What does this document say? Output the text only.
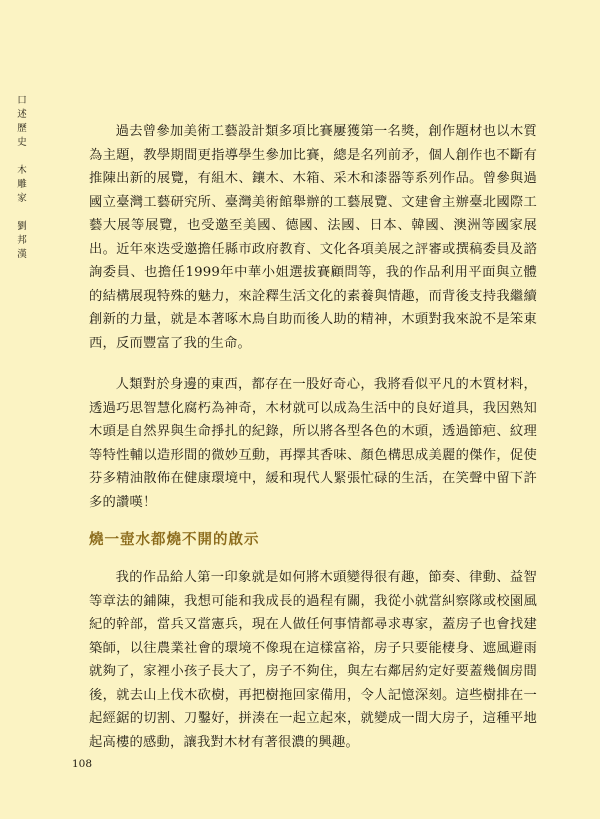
口
述
歷
史
木
雕
家
劉
邦
漢

過去曾參加美術工藝設計類多項比賽屢獲第一名獎，創作題材也以木質為主題，教學期間更指導學生參加比賽，總是名列前矛，個人創作也不斷有推陳出新的展覽，有組木、鑲木、木箱、采木和漆器等系列作品。曾參與過國立臺灣工藝研究所、臺灣美術館舉辦的工藝展覽、文建會主辦臺北國際工藝大展等展覽，也受邀至美國、德國、法國、日本、韓國、澳洲等國家展出。近年來迭受邀擔任縣市政府教育、文化各項美展之評審或撰稿委員及諮詢委員、也擔任1999年中華小姐選拔賽顧問等，我的作品利用平面與立體的結構展現特殊的魅力，來詮釋生活文化的素養與情趣，而背後支持我繼續創新的力量，就是本著啄木鳥自助而後人助的精神，木頭對我來說不是笨東西，反而豐富了我的生命。

人類對於身邊的東西，都存在一股好奇心，我將看似平凡的木質材料，透過巧思智慧化腐朽為神奇，木材就可以成為生活中的良好道具，我因熟知木頭是自然界與生命掙扎的紀錄，所以將各型各色的木頭，透過節疤、紋理等特性輔以造形間的微妙互動，再擇其香味、顏色構思成美麗的傑作，促使芬多精油散佈在健康環境中，緩和現代人緊張忙碌的生活，在笑聲中留下許多的讚嘆！

燒一壺水都燒不開的啟示

我的作品給人第一印象就是如何將木頭變得很有趣，節奏、律動、益智等章法的鋪陳，我想可能和我成長的過程有關，我從小就當糾察隊或校園風紀的幹部，當兵又當憲兵，現在人做任何事情都尋求專家，蓋房子也會找建築師，以往農業社會的環境不像現在這樣富裕，房子只要能棲身、遮風避雨就夠了，家裡小孩子長大了，房子不夠住，與左右鄰居約定好要蓋幾個房間後，就去山上伐木砍樹，再把樹拖回家備用，令人記憶深刻。這些樹排在一起經鋸的切割、刀鑿好，拼湊在一起立起來，就變成一間大房子，這種平地起高樓的感動，讓我對木材有著很濃的興趣。

108
